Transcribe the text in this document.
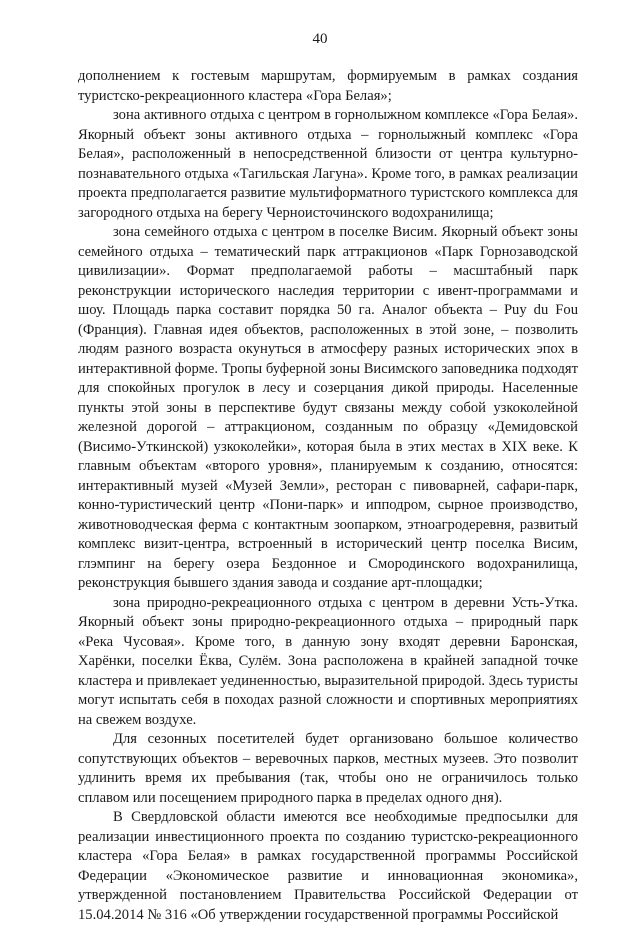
40

дополнением к гостевым маршрутам, формируемым в рамках создания туристско-рекреационного кластера «Гора Белая»;

зона активного отдыха с центром в горнолыжном комплексе «Гора Белая». Якорный объект зоны активного отдыха – горнолыжный комплекс «Гора Белая», расположенный в непосредственной близости от центра культурно-познавательного отдыха «Тагильская Лагуна». Кроме того, в рамках реализации проекта предполагается развитие мультиформатного туристского комплекса для загородного отдыха на берегу Черноисточинского водохранилища;

зона семейного отдыха с центром в поселке Висим. Якорный объект зоны семейного отдыха – тематический парк аттракционов «Парк Горнозаводской цивилизации». Формат предполагаемой работы – масштабный парк реконструкции исторического наследия территории с ивент-программами и шоу. Площадь парка составит порядка 50 га. Аналог объекта – Puy du Fou (Франция). Главная идея объектов, расположенных в этой зоне, – позволить людям разного возраста окунуться в атмосферу разных исторических эпох в интерактивной форме. Тропы буферной зоны Висимского заповедника подходят для спокойных прогулок в лесу и созерцания дикой природы. Населенные пункты этой зоны в перспективе будут связаны между собой узкоколейной железной дорогой – аттракционом, созданным по образцу «Демидовской (Висимо-Уткинской) узкоколейки», которая была в этих местах в XIX веке. К главным объектам «второго уровня», планируемым к созданию, относятся: интерактивный музей «Музей Земли», ресторан с пивоварней, сафари-парк, конно-туристический центр «Пони-парк» и ипподром, сырное производство, животноводческая ферма с контактным зоопарком, этноагродеревня, развитый комплекс визит-центра, встроенный в исторический центр поселка Висим, глэмпинг на берегу озера Бездонное и Смородинского водохранилища, реконструкция бывшего здания завода и создание арт-площадки;

зона природно-рекреационного отдыха с центром в деревни Усть-Утка. Якорный объект зоны природно-рекреационного отдыха – природный парк «Река Чусовая». Кроме того, в данную зону входят деревни Баронская, Харёнки, поселки Ёква, Сулём. Зона расположена в крайней западной точке кластера и привлекает уединенностью, выразительной природой. Здесь туристы могут испытать себя в походах разной сложности и спортивных мероприятиях на свежем воздухе.

Для сезонных посетителей будет организовано большое количество сопутствующих объектов – веревочных парков, местных музеев. Это позволит удлинить время их пребывания (так, чтобы оно не ограничилось только сплавом или посещением природного парка в пределах одного дня).

В Свердловской области имеются все необходимые предпосылки для реализации инвестиционного проекта по созданию туристско-рекреационного кластера «Гора Белая» в рамках государственной программы Российской Федерации «Экономическое развитие и инновационная экономика», утвержденной постановлением Правительства Российской Федерации от 15.04.2014 № 316 «Об утверждении государственной программы Российской
